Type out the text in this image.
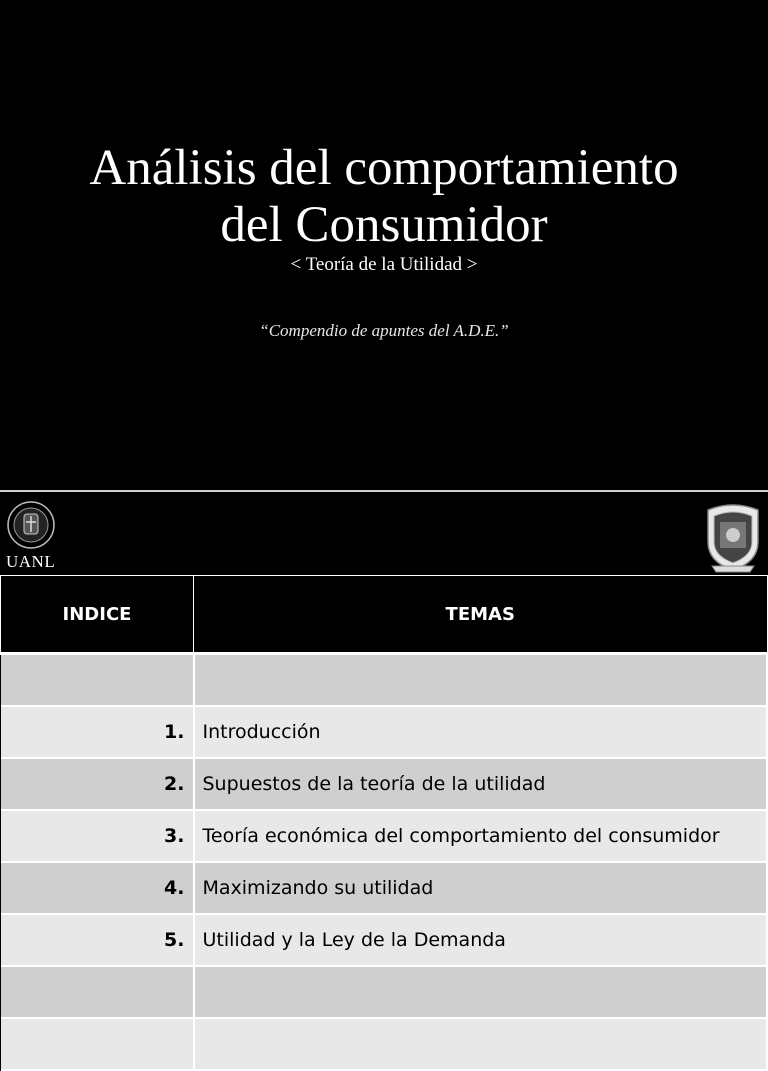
Análisis del comportamiento
del Consumidor

< Teoría de la Utilidad >

“Compendio de apuntes del A.D.E.”

UANL
INDICE	TEMAS

1.	Introducción
2.	Supuestos de la teoría de la utilidad
3.	Teoría económica del comportamiento del consumidor
4.	Maximizando su utilidad
5.	Utilidad y la Ley de la Demanda
